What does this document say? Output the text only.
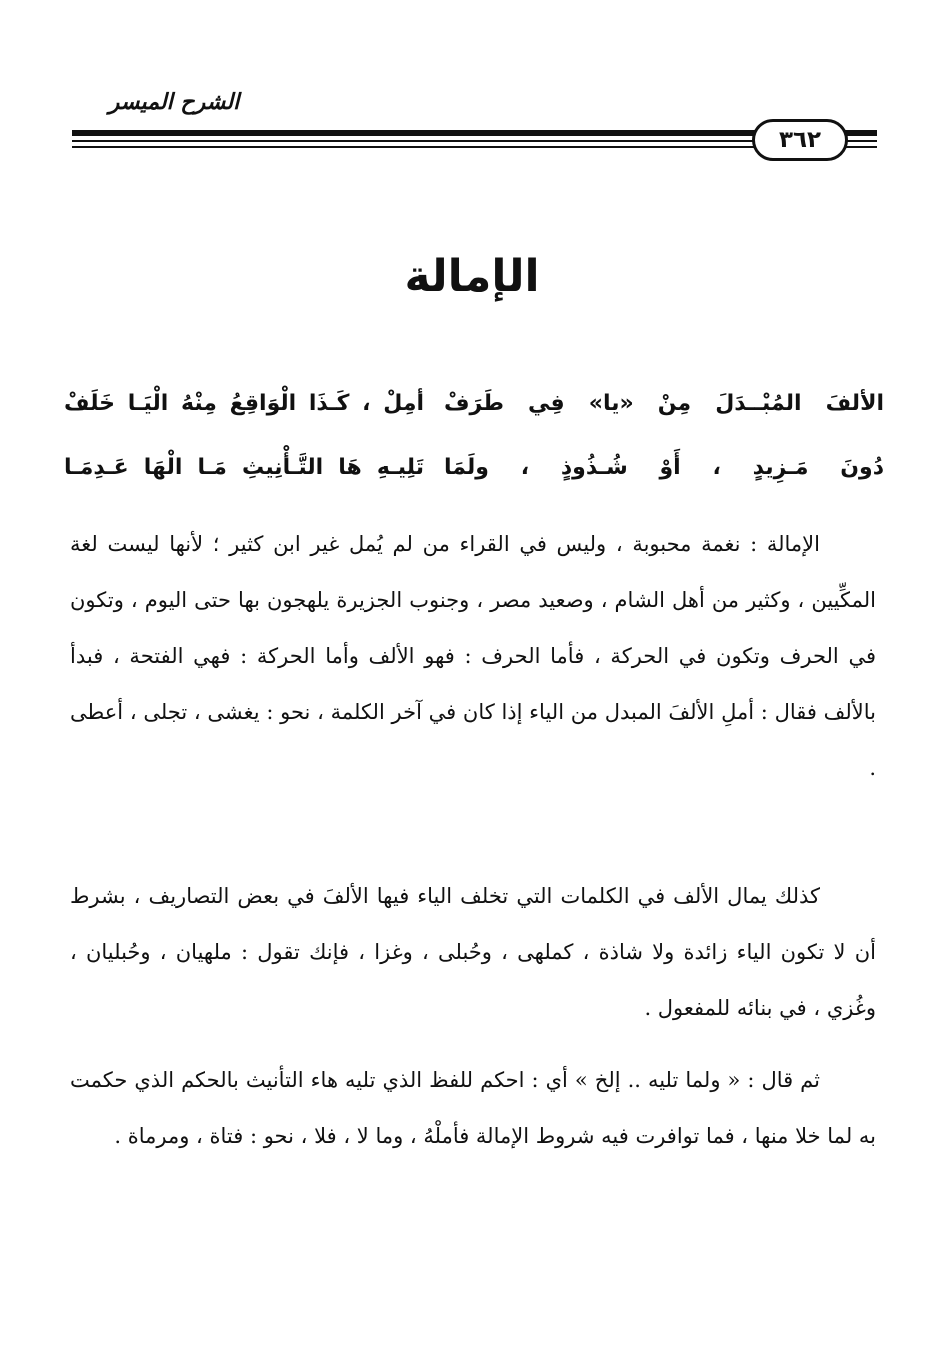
الشرح الميسر
٣٦٢
الإمالة
الألفَ المُبْــدَلَ مِنْ «يا» فِي طَرَفْ
أمِلْ ، كَـذَا الْوَاقِعُ مِنْهُ الْيَـا خَلَفْ
دُونَ مَـزِيدٍ ، أَوْ شُـذُوذٍ ، ولَمَا
تَلِيـهِ هَا التَّـأْنِيثِ مَـا الْهَا عَـدِمَـا
الإمالة : نغمة محبوبة ، وليس في القراء من لم يُمل غير ابن كثير ؛ لأنها ليست لغة المكِّيين ، وكثير من أهل الشام ، وصعيد مصر ، وجنوب الجزيرة يلهجون بها حتى اليوم ، وتكون في الحرف وتكون في الحركة ، فأما الحرف : فهو الألف وأما الحركة : فهي الفتحة ، فبدأ بالألف فقال : أملِ الألفَ المبدل من الياء إذا كان في آخر الكلمة ، نحو : يغشى ، تجلى ، أعطى .
كذلك يمال الألف في الكلمات التي تخلف الياء فيها الألفَ في بعض التصاريف ، بشرط أن لا تكون الياء زائدة ولا شاذة ، كملهى ، وحُبلى ، وغزا ، فإنك تقول : ملهيان ، وحُبليان ، وغُزي ، في بنائه للمفعول .
ثم قال : « ولما تليه .. إلخ » أي : احكم للفظ الذي تليه هاء التأنيث بالحكم الذي حكمت به لما خلا منها ، فما توافرت فيه شروط الإمالة فأملْهُ ، وما لا ، فلا ، نحو : فتاة ، ومرماة .
